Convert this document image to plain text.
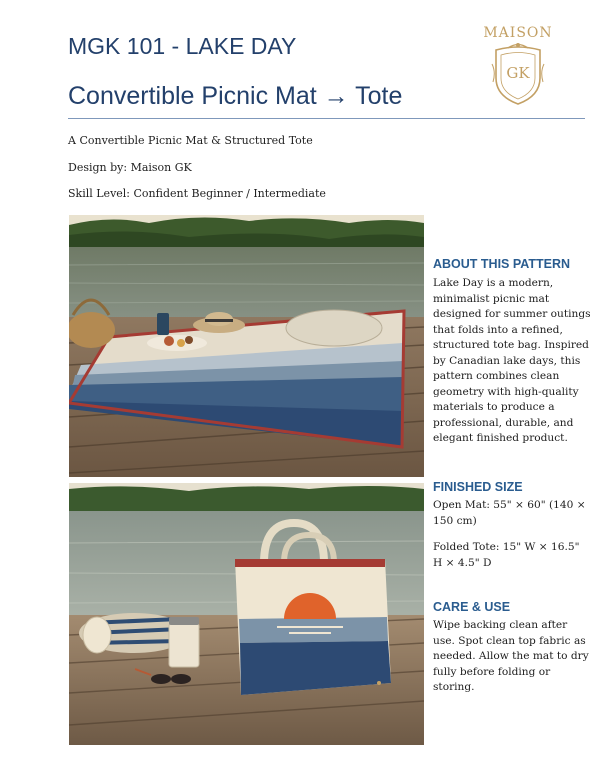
MGK 101 - LAKE DAY
Convertible Picnic Mat → Tote
MAISON
GK
A Convertible Picnic Mat & Structured Tote
Design by: Maison GK
Skill Level: Confident Beginner / Intermediate
ABOUT THIS PATTERN
Lake Day is a modern, minimalist picnic mat designed for summer outings that folds into a refined, structured tote bag. Inspired by Canadian lake days, this pattern combines clean geometry with high-quality materials to produce a professional, durable, and elegant finished product.
FINISHED SIZE
Open Mat: 55" × 60" (140 × 150 cm)
Folded Tote: 15" W × 16.5" H × 4.5" D
CARE & USE
Wipe backing clean after use. Spot clean top fabric as needed. Allow the mat to dry fully before folding or storing.
